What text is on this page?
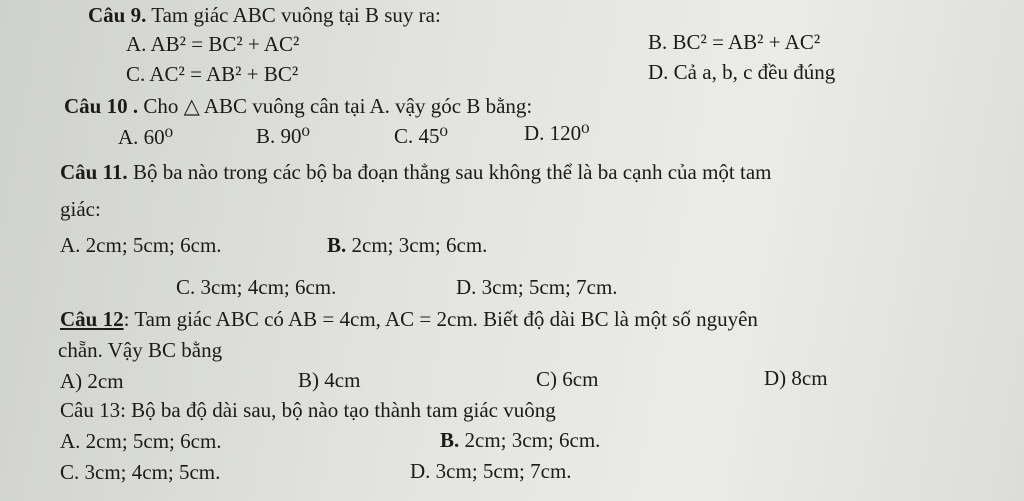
Câu 9. Tam giác ABC vuông tại B suy ra:
A. AB² = BC² + AC²	B. BC² = AB² + AC²
C. AC² = AB² + BC²	D. Cả a, b, c đều đúng
Câu 10 . Cho △ ABC vuông cân tại A. vậy góc B bằng:
A. 60⁰	B. 90⁰	C. 45⁰	D. 120⁰
Câu 11. Bộ ba nào trong các bộ ba đoạn thẳng sau không thể là ba cạnh của một tam
giác:
A. 2cm; 5cm; 6cm.	B. 2cm; 3cm; 6cm.
C. 3cm; 4cm; 6cm.	D. 3cm; 5cm; 7cm.
Câu 12: Tam giác ABC có AB = 4cm, AC = 2cm. Biết độ dài BC là một số nguyên
chẵn. Vậy BC bằng
A) 2cm	B) 4cm	C) 6cm	D) 8cm
Câu 13: Bộ ba độ dài sau, bộ nào tạo thành tam giác vuông
A. 2cm; 5cm; 6cm.	B. 2cm; 3cm; 6cm.
C. 3cm; 4cm; 5cm.	D. 3cm; 5cm; 7cm.
